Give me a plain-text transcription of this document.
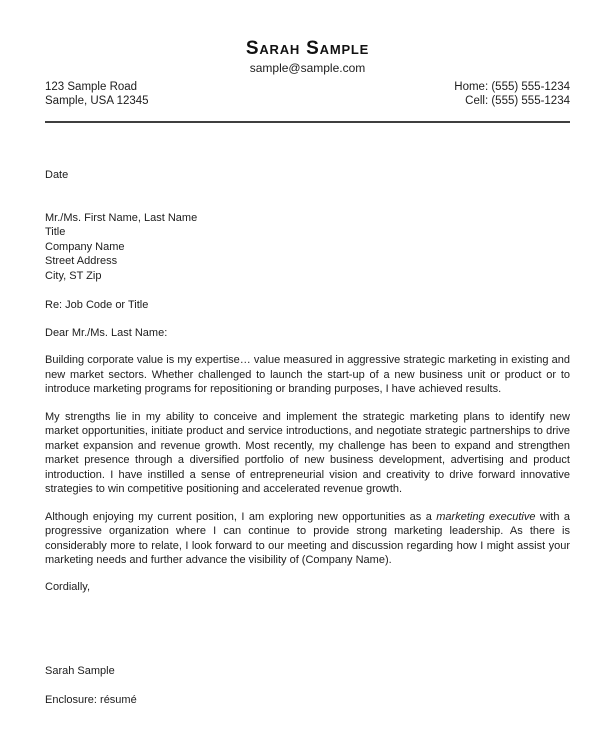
Sarah Sample
sample@sample.com
123 Sample Road
Sample, USA 12345
Home: (555) 555-1234
Cell: (555) 555-1234
Date
Mr./Ms. First Name, Last Name
Title
Company Name
Street Address
City, ST Zip
Re: Job Code or Title
Dear Mr./Ms. Last Name:

Building corporate value is my expertise… value measured in aggressive strategic marketing in existing and new market sectors. Whether challenged to launch the start-up of a new business unit or product or to introduce marketing programs for repositioning or branding purposes, I have achieved results.

My strengths lie in my ability to conceive and implement the strategic marketing plans to identify new market opportunities, initiate product and service introductions, and negotiate strategic partnerships to drive market expansion and revenue growth. Most recently, my challenge has been to expand and strengthen market presence through a diversified portfolio of new business development, advertising and product introduction. I have instilled a sense of entrepreneurial vision and creativity to drive forward innovative strategies to win competitive positioning and accelerated revenue growth.

Although enjoying my current position, I am exploring new opportunities as a marketing executive with a progressive organization where I can continue to provide strong marketing leadership. As there is considerably more to relate, I look forward to our meeting and discussion regarding how I might assist your marketing needs and further advance the visibility of (Company Name).

Cordially,
Sarah Sample
Enclosure: résumé
